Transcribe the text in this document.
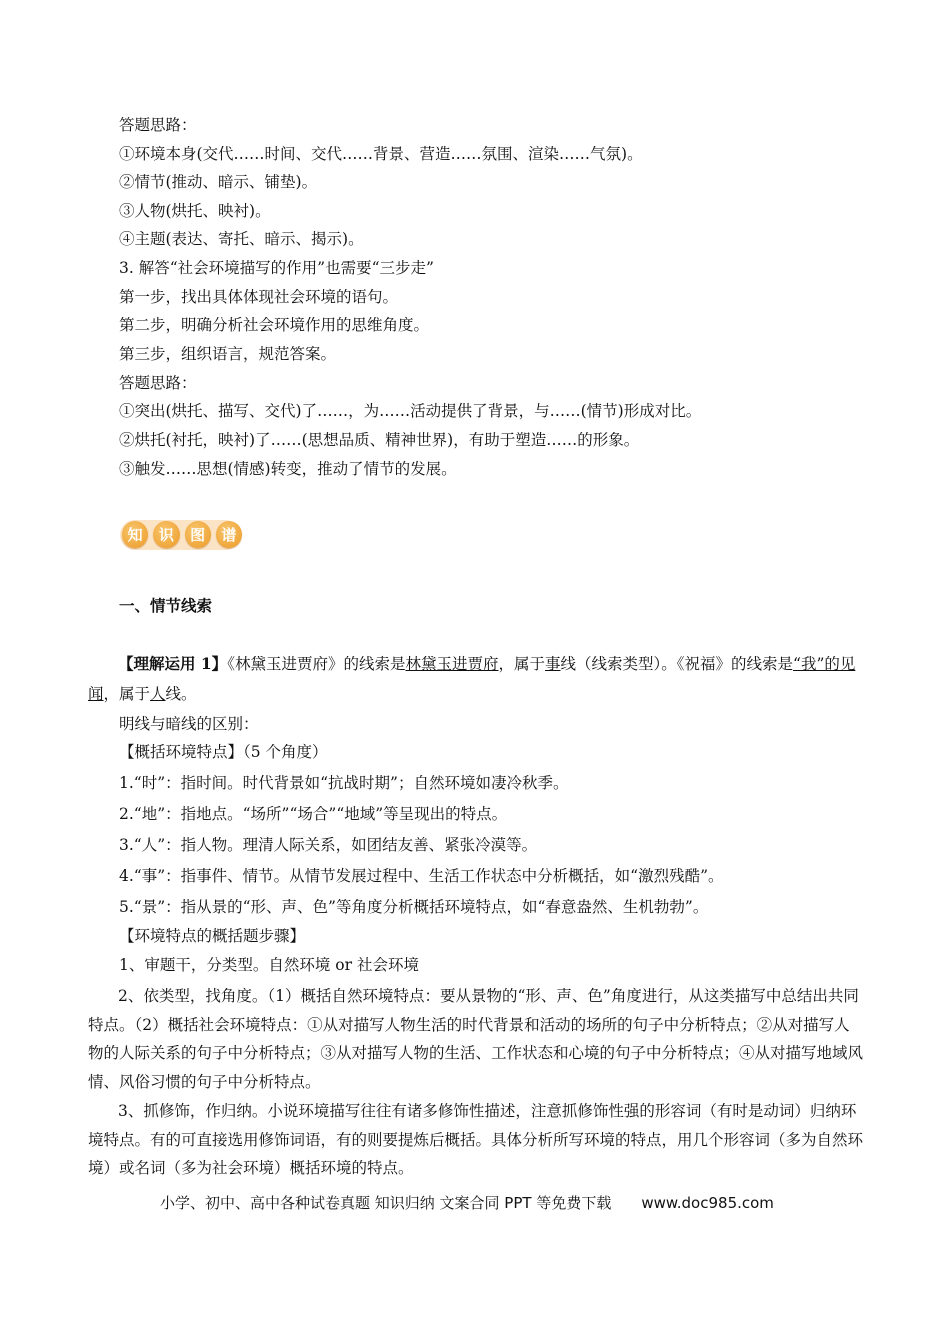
答题思路：
①环境本身(交代……时间、交代……背景、营造……氛围、渲染……气氛)。
②情节(推动、暗示、铺垫)。
③人物(烘托、映衬)。
④主题(表达、寄托、暗示、揭示)。
3. 解答“社会环境描写的作用”也需要“三步走”
第一步，找出具体体现社会环境的语句。
第二步，明确分析社会环境作用的思维角度。
第三步，组织语言，规范答案。
答题思路：
①突出(烘托、描写、交代)了……，为……活动提供了背景，与……(情节)形成对比。
②烘托(衬托，映衬)了……(思想品质、精神世界)，有助于塑造……的形象。
③触发……思想(情感)转变，推动了情节的发展。
知	识	图	谱
一、情节线索
【理解运用 1】《林黛玉进贾府》的线索是林黛玉进贾府，属于事线（线索类型）。《祝福》的线索是“我”的见闻，属于人线。
明线与暗线的区别：
【概括环境特点】（5 个角度）
1.“时”：指时间。时代背景如“抗战时期”；自然环境如凄冷秋季。
2.“地”：指地点。“场所”“场合”“地域”等呈现出的特点。
3.“人”：指人物。理清人际关系，如团结友善、紧张冷漠等。
4.“事”：指事件、情节。从情节发展过程中、生活工作状态中分析概括，如“激烈残酷”。
5.“景”：指从景的“形、声、色”等角度分析概括环境特点，如“春意盎然、生机勃勃”。
【环境特点的概括题步骤】
1、审题干，分类型。自然环境 or 社会环境
2、依类型，找角度。（1）概括自然环境特点：要从景物的“形、声、色”角度进行，从这类描写中总结出共同特点。（2）概括社会环境特点：①从对描写人物生活的时代背景和活动的场所的句子中分析特点；②从对描写人物的人际关系的句子中分析特点；③从对描写人物的生活、工作状态和心境的句子中分析特点；④从对描写地域风情、风俗习惯的句子中分析特点。
3、抓修饰，作归纳。小说环境描写往往有诸多修饰性描述，注意抓修饰性强的形容词（有时是动词）归纳环境特点。有的可直接选用修饰词语，有的则要提炼后概括。具体分析所写环境的特点，用几个形容词（多为自然环境）或名词（多为社会环境）概括环境的特点。
小学、初中、高中各种试卷真题 知识归纳 文案合同 PPT 等免费下载 www.doc985.com
